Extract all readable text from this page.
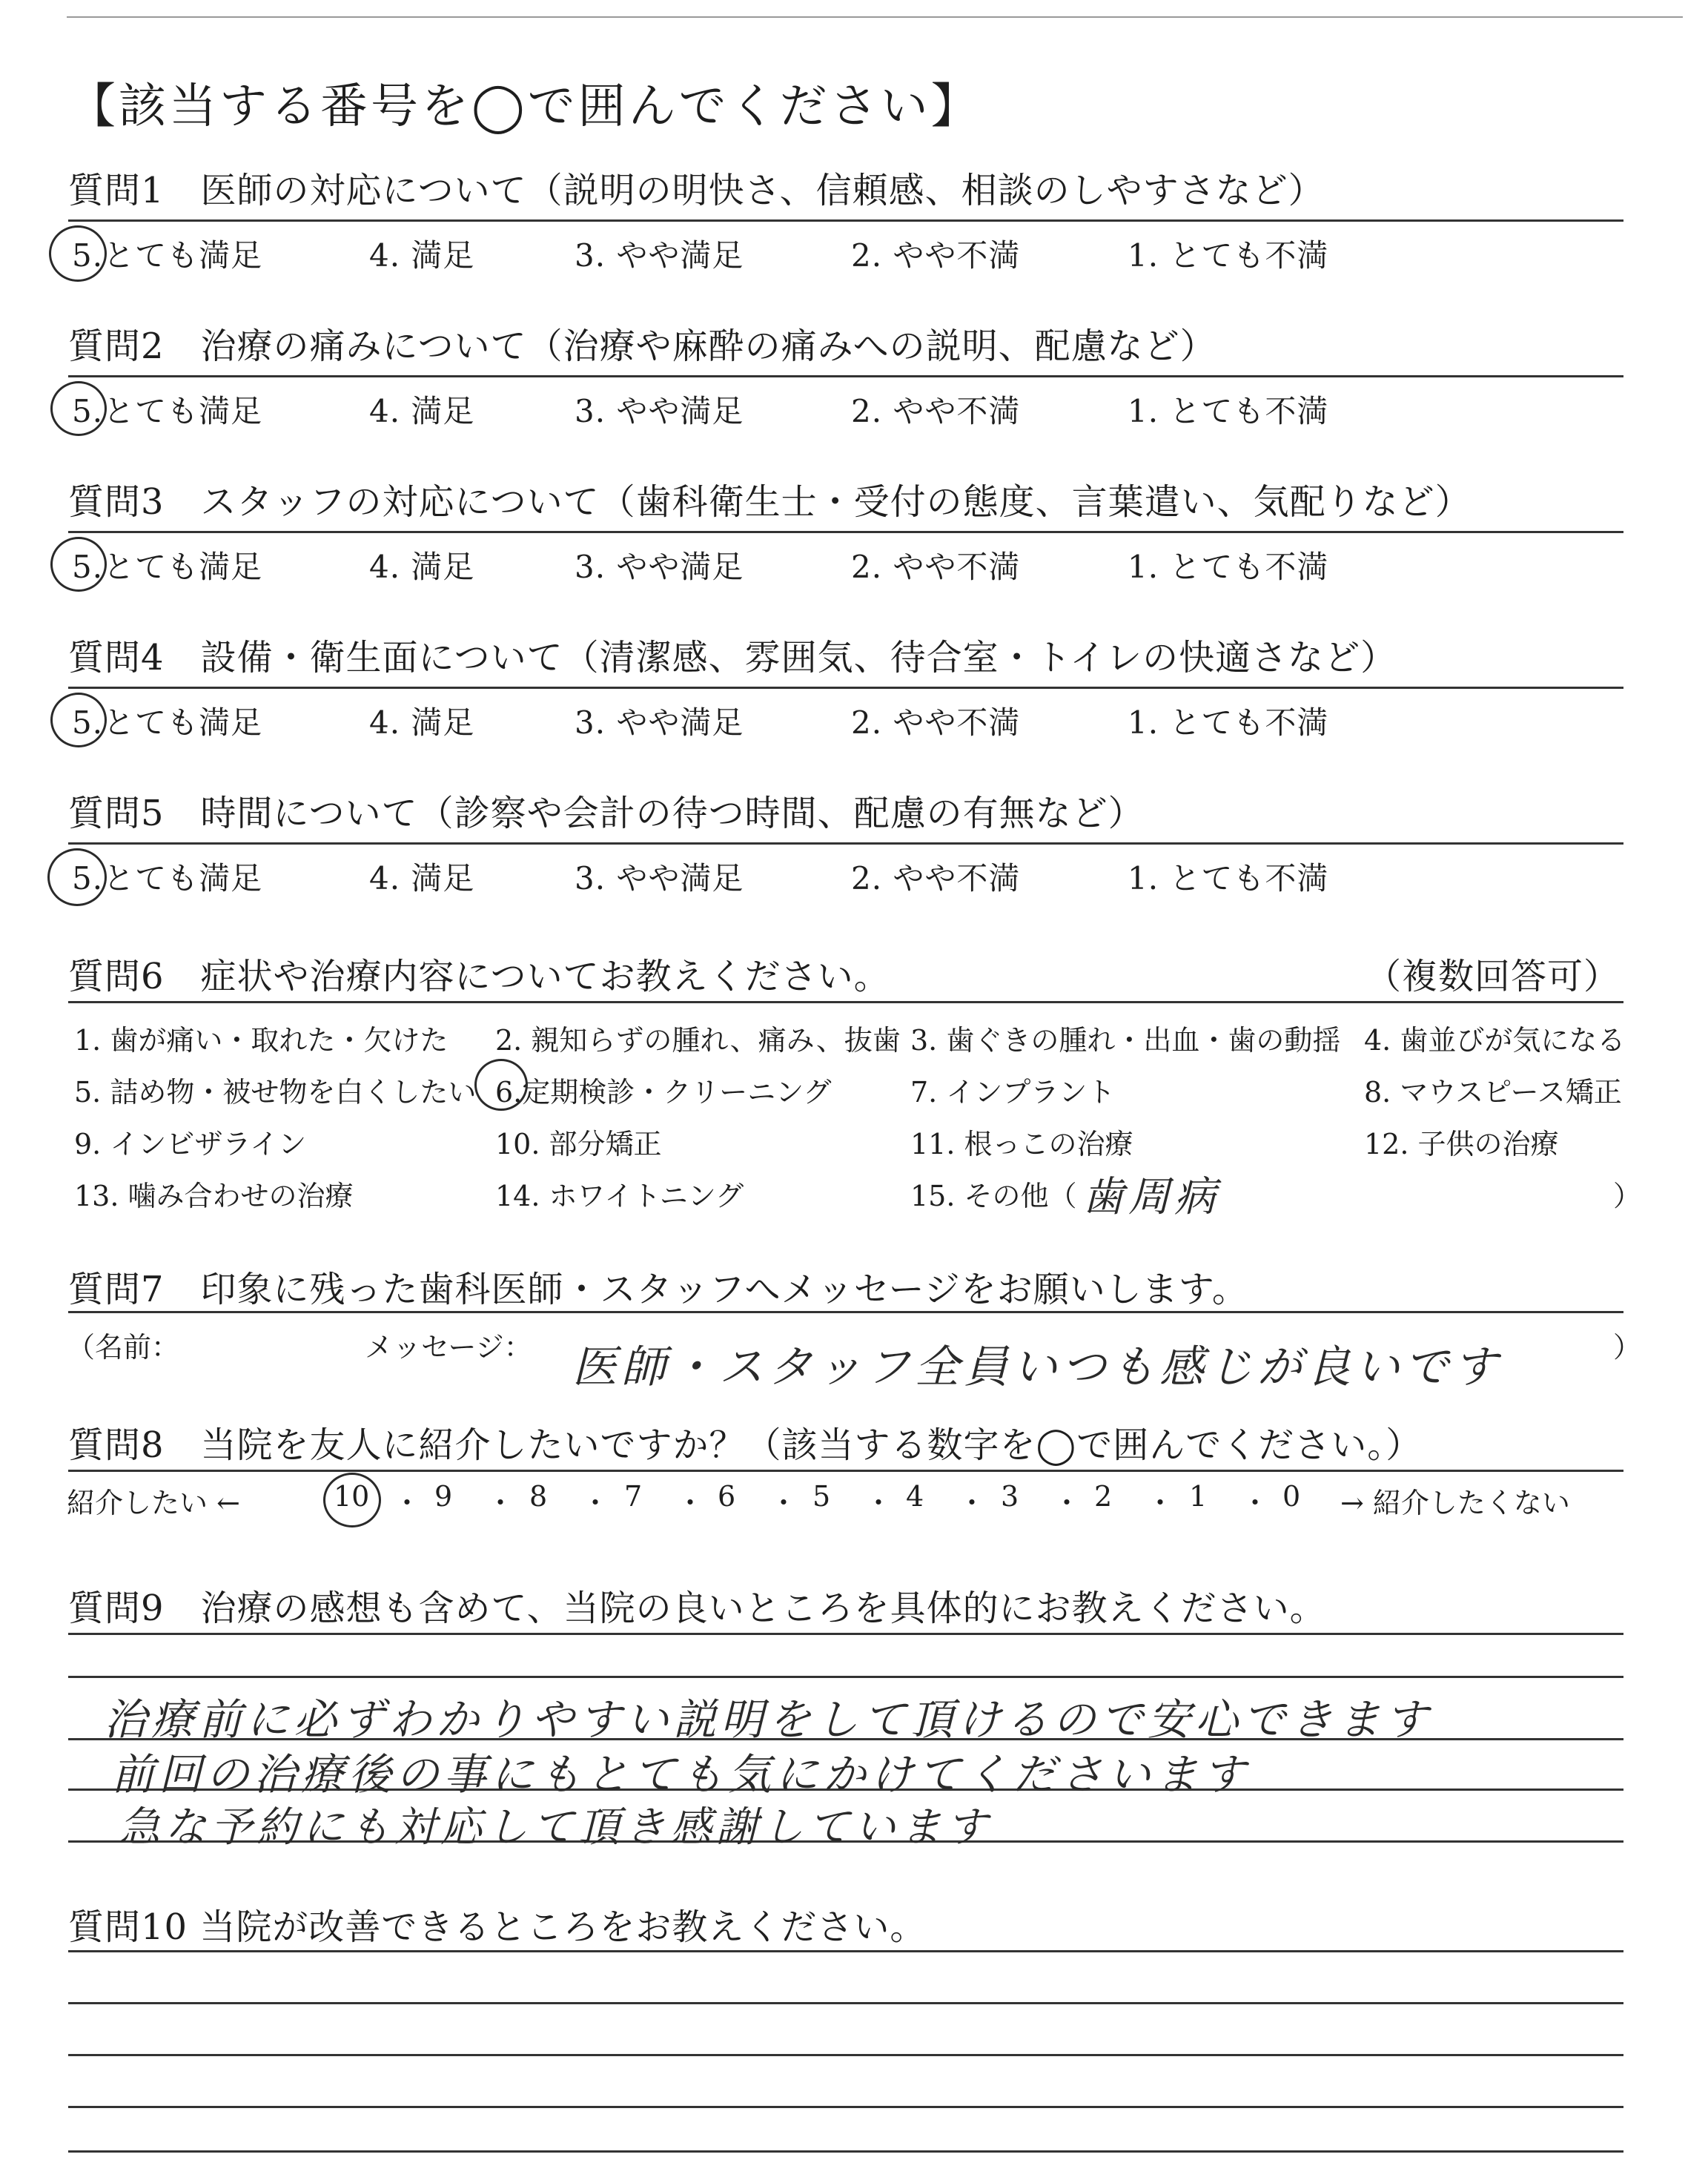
【該当する番号を◯で囲んでください】
質問1　医師の対応について（説明の明快さ、信頼感、相談のしやすさなど）
5.とても満足	4. 満足	3. やや満足	2. やや不満	1. とても不満
質問2　治療の痛みについて（治療や麻酔の痛みへの説明、配慮など）
5.とても満足	4. 満足	3. やや満足	2. やや不満	1. とても不満
質問3　スタッフの対応について（歯科衛生士・受付の態度、言葉遣い、気配りなど）
5.とても満足	4. 満足	3. やや満足	2. やや不満	1. とても不満
質問4　設備・衛生面について（清潔感、雰囲気、待合室・トイレの快適さなど）
5.とても満足	4. 満足	3. やや満足	2. やや不満	1. とても不満
質問5　時間について（診察や会計の待つ時間、配慮の有無など）
5.とても満足	4. 満足	3. やや満足	2. やや不満	1. とても不満
質問6　症状や治療内容についてお教えください。	（複数回答可）
1. 歯が痛い・取れた・欠けた 2. 親知らずの腫れ、痛み、抜歯 3. 歯ぐきの腫れ・出血・歯の動揺 4. 歯並びが気になる
5. 詰め物・被せ物を白くしたい 6.定期検診・クリーニング	7. インプラント	8. マウスピース矯正
9. インビザライン	10. 部分矯正	11. 根っこの治療	12. 子供の治療
13. 噛み合わせの治療	14. ホワイトニング	15. その他（ 歯周病	）
質問7　印象に残った歯科医師・スタッフへメッセージをお願いします。
（名前：	メッセージ： 医師・スタッフ全員いつも感じが良いです	）
質問8　当院を友人に紹介したいですか？（該当する数字を◯で囲んでください。）
紹介したい ←	10 ・ 9 ・ 8 ・ 7 ・ 6 ・ 5 ・ 4 ・ 3 ・ 2 ・ 1 ・ 0 → 紹介したくない
質問9　治療の感想も含めて、当院の良いところを具体的にお教えください。
治療前に必ずわかりやすい説明をして頂けるので安心できます
前回の治療後の事にもとても気にかけてくださいます
急な予約にも対応して頂き感謝しています
質問10 当院が改善できるところをお教えください。
